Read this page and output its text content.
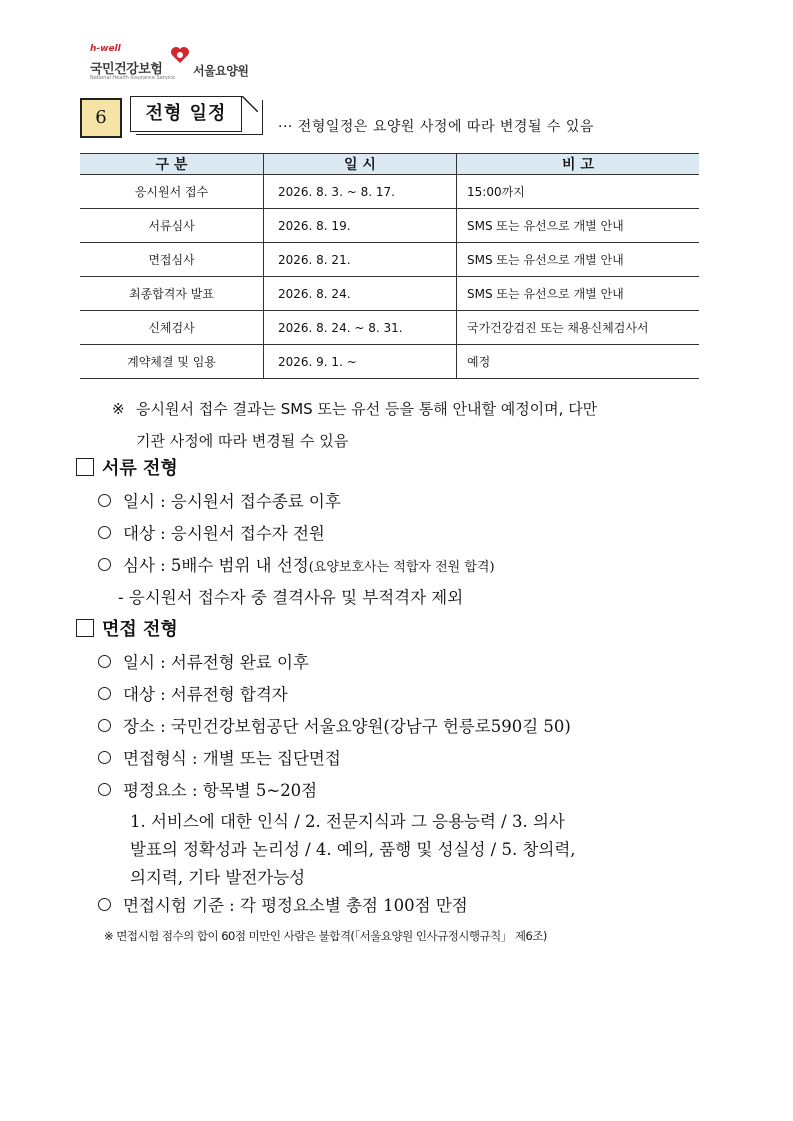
h-well
국민건강보험
National Health Insurance Service 서울요양원
6	전형 일정
··· 전형일정은 요양원 사정에 따라 변경될 수 있음
구 분	일 시	비 고
응시원서 접수	2026. 8. 3. ~ 8. 17.	15:00까지
서류심사	2026. 8. 19.	SMS 또는 유선으로 개별 안내
면접심사	2026. 8. 21.	SMS 또는 유선으로 개별 안내
최종합격자 발표	2026. 8. 24.	SMS 또는 유선으로 개별 안내
신체검사	2026. 8. 24. ~ 8. 31.	국가건강검진 또는 채용신체검사서
계약체결 및 임용	2026. 9. 1. ~	예정
※ 응시원서 접수 결과는 SMS 또는 유선 등을 통해 안내할 예정이며, 다만
기관 사정에 따라 변경될 수 있음
서류 전형
일시 : 응시원서 접수종료 이후
대상 : 응시원서 접수자 전원
심사 : 5배수 범위 내 선정(요양보호사는 적합자 전원 합격)
- 응시원서 접수자 중 결격사유 및 부적격자 제외
면접 전형
일시 : 서류전형 완료 이후
대상 : 서류전형 합격자
장소 : 국민건강보험공단 서울요양원(강남구 헌릉로590길 50)
면접형식 : 개별 또는 집단면접
평정요소 : 항목별 5~20점
1. 서비스에 대한 인식 / 2. 전문지식과 그 응용능력 / 3. 의사
발표의 정확성과 논리성 / 4. 예의, 품행 및 성실성 / 5. 창의력,
의지력, 기타 발전가능성
면접시험 기준 : 각 평정요소별 총점 100점 만점
※ 면접시험 점수의 합이 60점 미만인 사람은 불합격(「서울요양원 인사규정시행규칙」 제6조)
